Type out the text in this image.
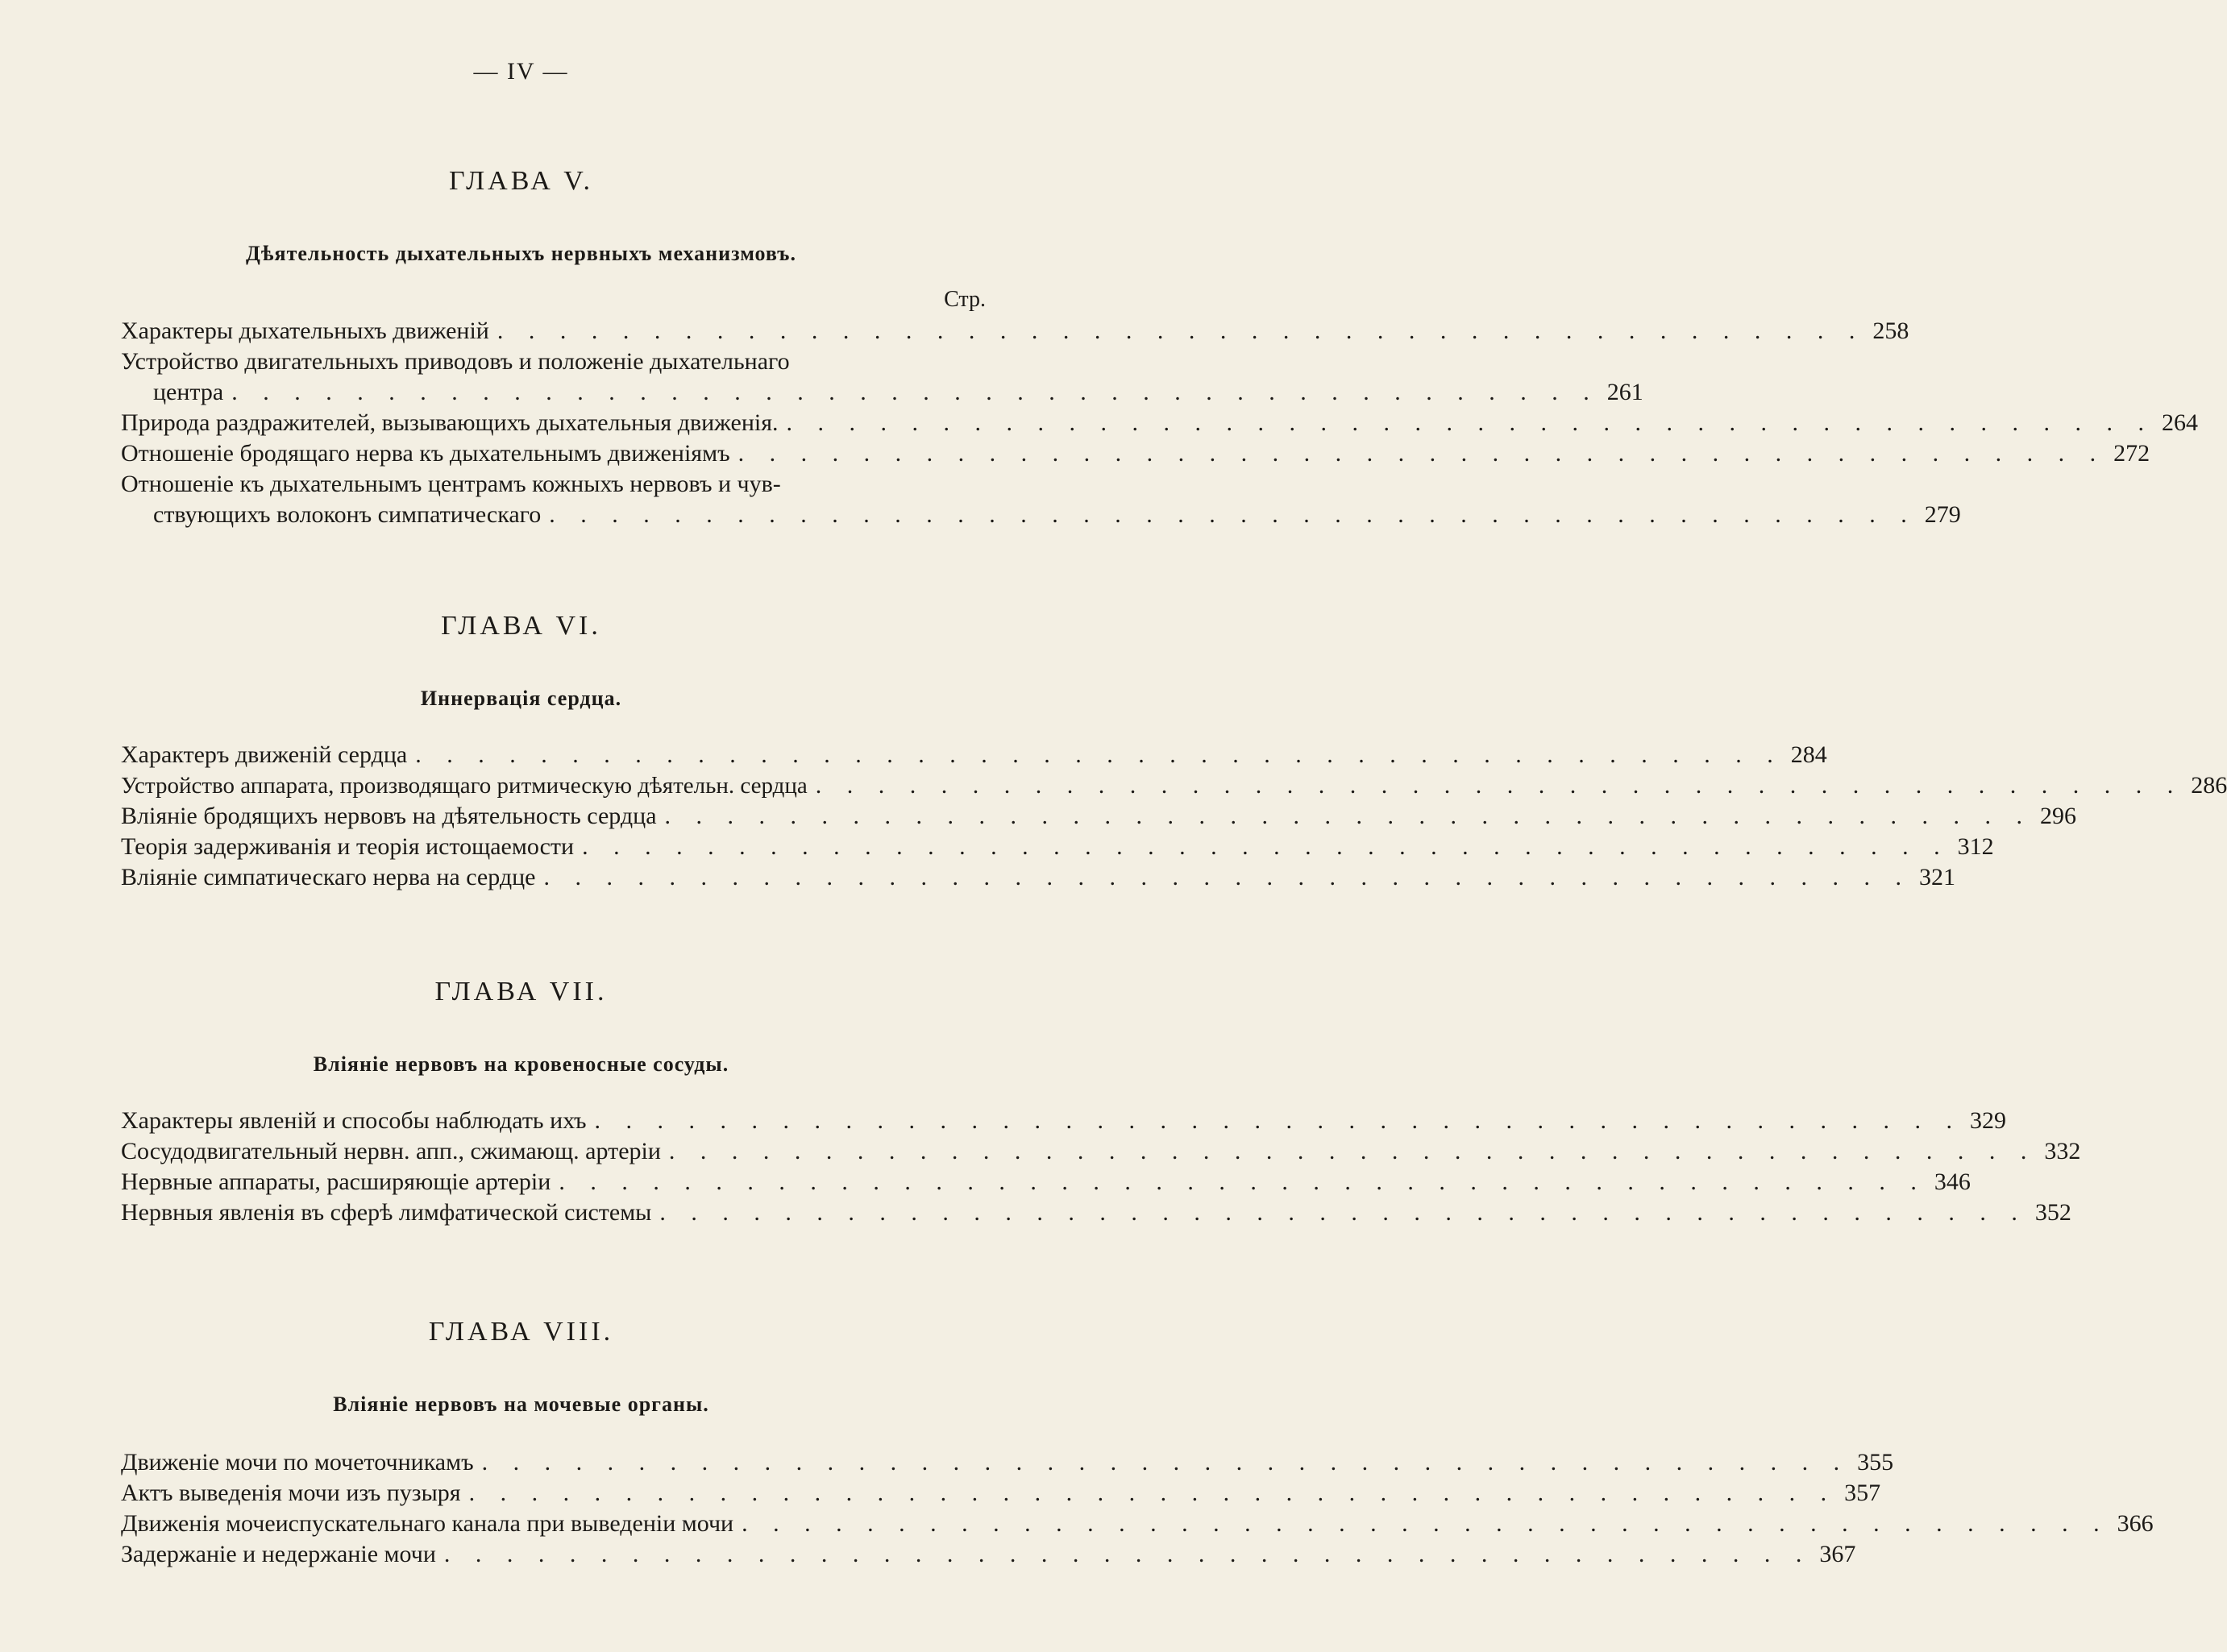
— IV —
ГЛАВА V.
Дѣятельность дыхательныхъ нервныхъ механизмовъ.
Стр.
Характеры дыхательныхъ движеній . . . . . . . . . . . . . . . . . . . . . . . . . . . . . . . . . . . . . . . . . . . . 258
Устройство двигательныхъ приводовъ и положеніе дыхательнаго
центра . . . . . . . . . . . . . . . . . . . . . . . . . . . . . . . . . . . . . . . . . . . . 261
Природа раздражителей, вызывающихъ дыхательныя движенія. . . . . . . . . . . . . . . . . . . . . . . . . . . . . . . . . . . . . . . . . . . . . 264
Отношеніе бродящаго нерва къ дыхательнымъ движеніямъ . . . . . . . . . . . . . . . . . . . . . . . . . . . . . . . . . . . . . . . . . . . . 272
Отношеніе къ дыхательнымъ центрамъ кожныхъ нервовъ и чув-
ствующихъ волоконъ симпатическаго . . . . . . . . . . . . . . . . . . . . . . . . . . . . . . . . . . . . . . . . . . . . 279
ГЛАВА VI.
Иннервація сердца.
Характеръ движеній сердца . . . . . . . . . . . . . . . . . . . . . . . . . . . . . . . . . . . . . . . . . . . . 284
Устройство аппарата, производящаго ритмическую дѣятельн. сердца . . . . . . . . . . . . . . . . . . . . . . . . . . . . . . . . . . . . . . . . . . . . 286
Вліяніе бродящихъ нервовъ на дѣятельность сердца . . . . . . . . . . . . . . . . . . . . . . . . . . . . . . . . . . . . . . . . . . . . 296
Теорія задерживанія и теорія истощаемости . . . . . . . . . . . . . . . . . . . . . . . . . . . . . . . . . . . . . . . . . . . . 312
Вліяніе симпатическаго нерва на сердце . . . . . . . . . . . . . . . . . . . . . . . . . . . . . . . . . . . . . . . . . . . . 321
ГЛАВА VII.
Вліяніе нервовъ на кровеносные сосуды.
Характеры явленій и способы наблюдать ихъ . . . . . . . . . . . . . . . . . . . . . . . . . . . . . . . . . . . . . . . . . . . . 329
Сосудодвигательный нервн. апп., сжимающ. артеріи . . . . . . . . . . . . . . . . . . . . . . . . . . . . . . . . . . . . . . . . . . . . 332
Нервные аппараты, расширяющіе артеріи . . . . . . . . . . . . . . . . . . . . . . . . . . . . . . . . . . . . . . . . . . . . 346
Нервныя явленія въ сферѣ лимфатической системы . . . . . . . . . . . . . . . . . . . . . . . . . . . . . . . . . . . . . . . . . . . . 352
ГЛАВА VIII.
Вліяніе нервовъ на мочевые органы.
Движеніе мочи по мочеточникамъ . . . . . . . . . . . . . . . . . . . . . . . . . . . . . . . . . . . . . . . . . . . . 355
Актъ выведенія мочи изъ пузыря . . . . . . . . . . . . . . . . . . . . . . . . . . . . . . . . . . . . . . . . . . . . 357
Движенія мочеиспускательнаго канала при выведеніи мочи . . . . . . . . . . . . . . . . . . . . . . . . . . . . . . . . . . . . . . . . . . . . 366
Задержаніе и недержаніе мочи . . . . . . . . . . . . . . . . . . . . . . . . . . . . . . . . . . . . . . . . . . . . 367
